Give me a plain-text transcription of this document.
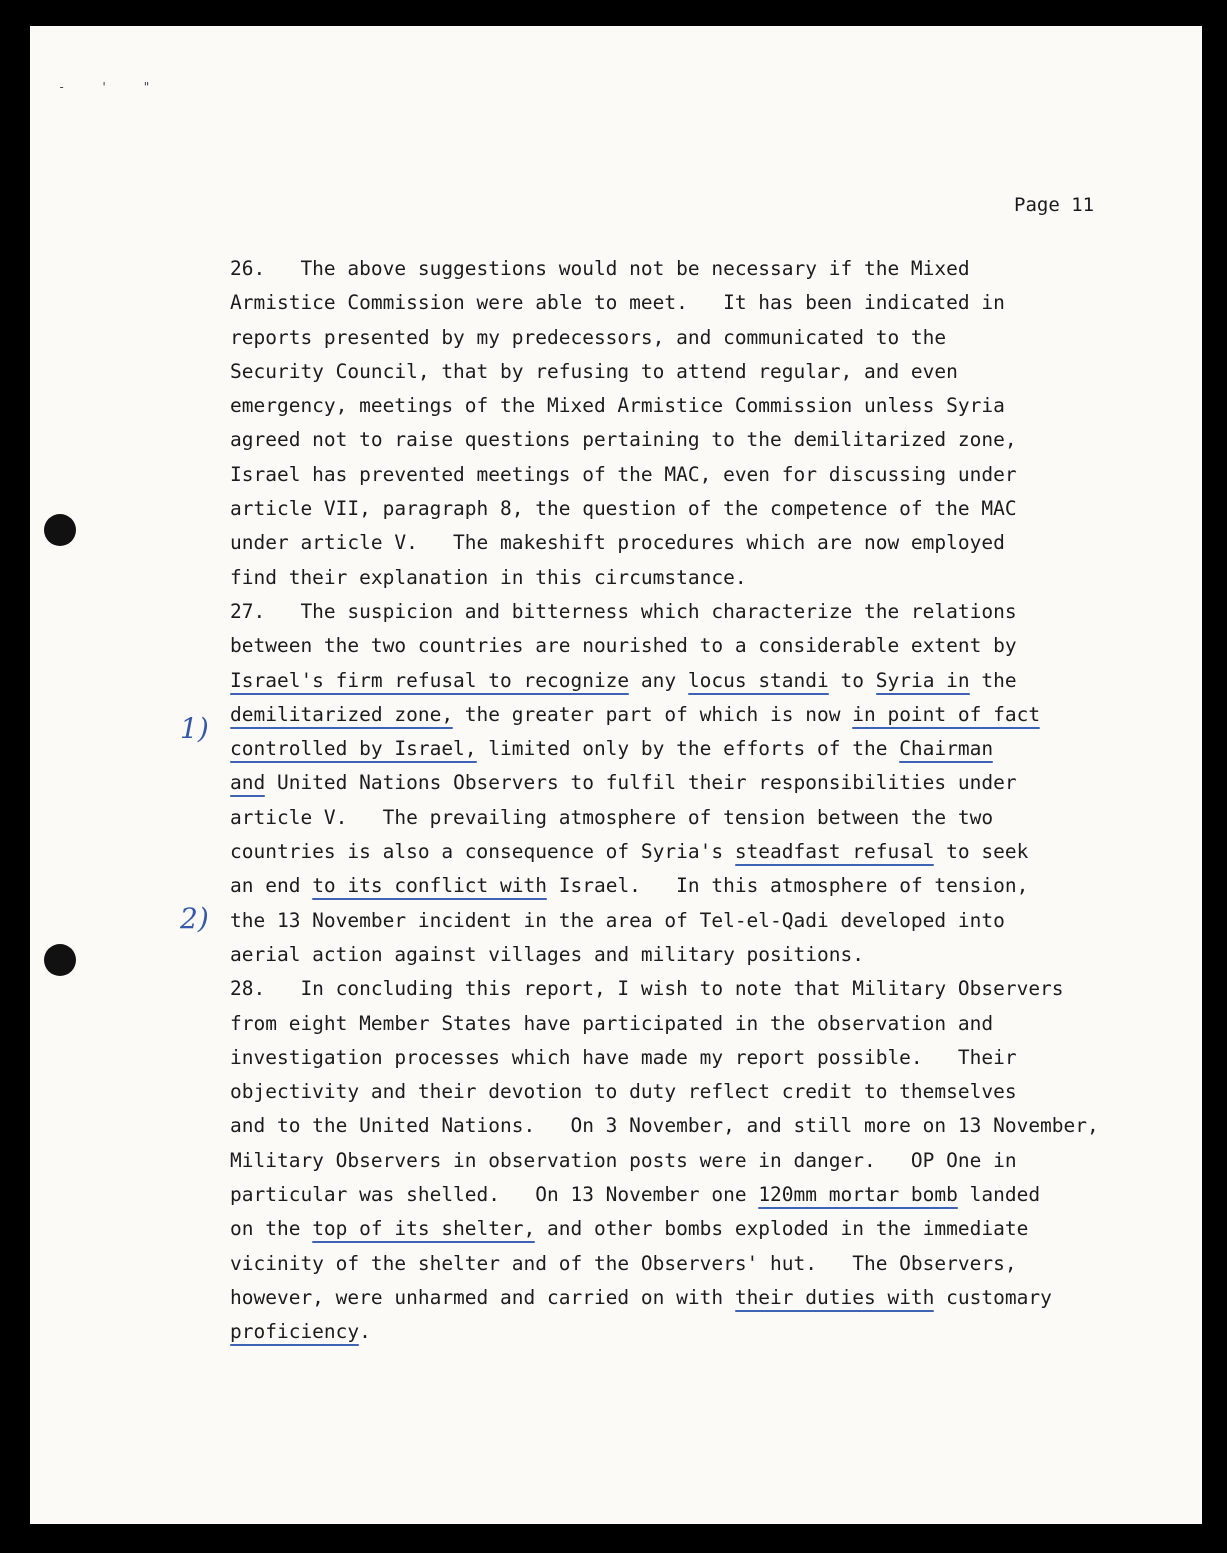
- ' "
Page 11
1)
2)
26.   The above suggestions would not be necessary if the Mixed
Armistice Commission were able to meet.   It has been indicated in
reports presented by my predecessors, and communicated to the
Security Council, that by refusing to attend regular, and even
emergency, meetings of the Mixed Armistice Commission unless Syria
agreed not to raise questions pertaining to the demilitarized zone,
Israel has prevented meetings of the MAC, even for discussing under
article VII, paragraph 8, the question of the competence of the MAC
under article V.   The makeshift procedures which are now employed
find their explanation in this circumstance.
27.   The suspicion and bitterness which characterize the relations
between the two countries are nourished to a considerable extent by
Israel's firm refusal to recognize any locus standi to Syria in the
demilitarized zone, the greater part of which is now in point of fact
controlled by Israel, limited only by the efforts of the Chairman
and United Nations Observers to fulfil their responsibilities under
article V.   The prevailing atmosphere of tension between the two
countries is also a consequence of Syria's steadfast refusal to seek
an end to its conflict with Israel.   In this atmosphere of tension,
the 13 November incident in the area of Tel-el-Qadi developed into
aerial action against villages and military positions.
28.   In concluding this report, I wish to note that Military Observers
from eight Member States have participated in the observation and
investigation processes which have made my report possible.   Their
objectivity and their devotion to duty reflect credit to themselves
and to the United Nations.   On 3 November, and still more on 13 November,
Military Observers in observation posts were in danger.   OP One in
particular was shelled.   On 13 November one 120mm mortar bomb landed
on the top of its shelter, and other bombs exploded in the immediate
vicinity of the shelter and of the Observers' hut.   The Observers,
however, were unharmed and carried on with their duties with customary
proficiency.
